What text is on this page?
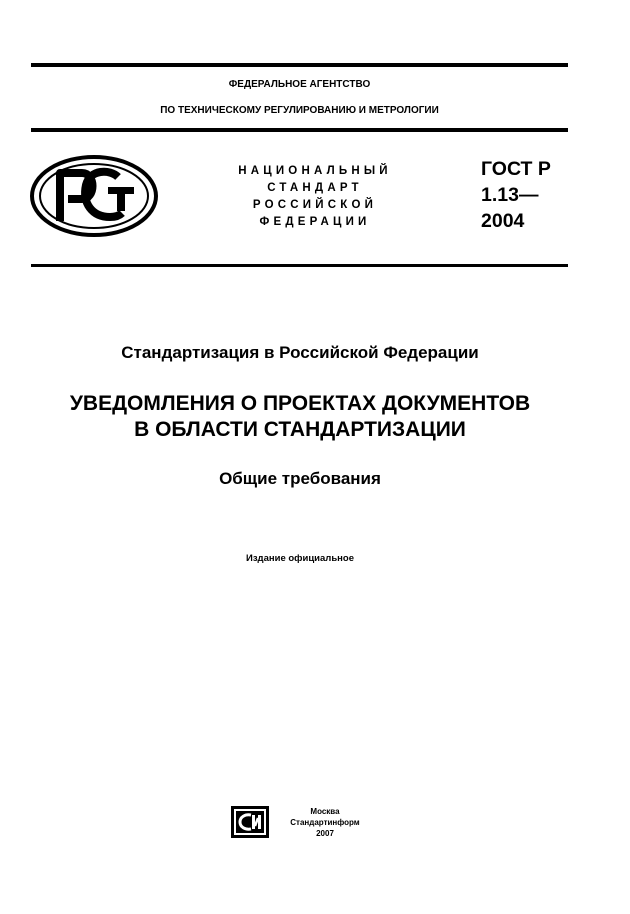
ФЕДЕРАЛЬНОЕ АГЕНТСТВО
ПО ТЕХНИЧЕСКОМУ РЕГУЛИРОВАНИЮ И МЕТРОЛОГИИ
НАЦИОНАЛЬНЫЙ
СТАНДАРТ
РОССИЙСКОЙ
ФЕДЕРАЦИИ
ГОСТ Р
1.13—
2004
Стандартизация в Российской Федерации
УВЕДОМЛЕНИЯ О ПРОЕКТАХ ДОКУМЕНТОВ
В ОБЛАСТИ СТАНДАРТИЗАЦИИ
Общие требования
Издание официальное
Москва
Стандартинформ
2007
